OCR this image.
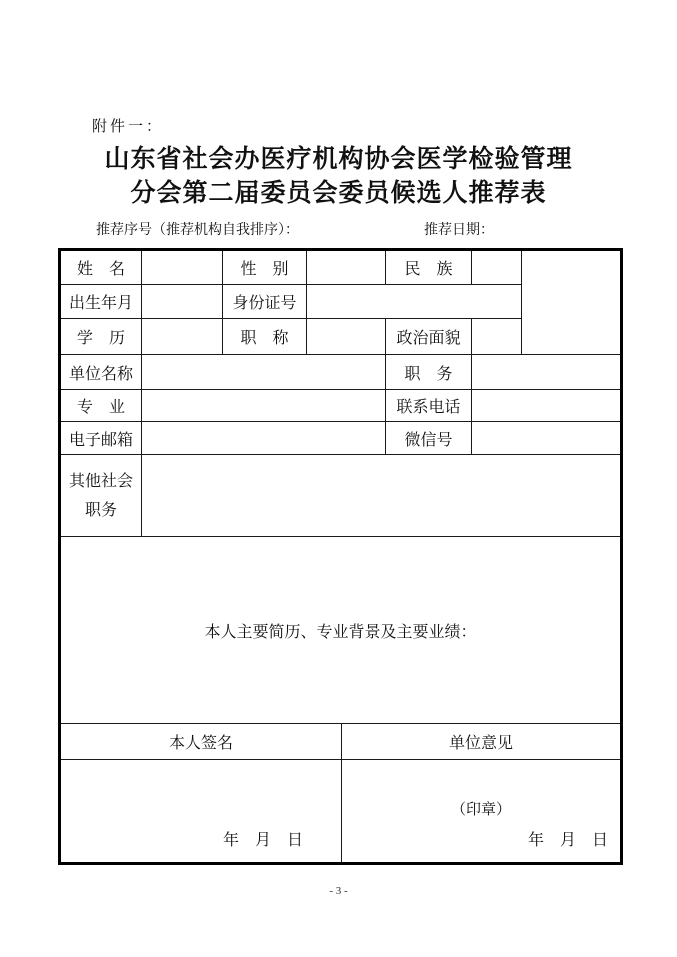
附件一：
山东省社会办医疗机构协会医学检验管理
分会第二届委员会委员候选人推荐表
推荐序号（推荐机构自我排序）：	推荐日期：
姓　名		性　别			民　族		
出生年月		身份证号					
学　历		职　称			政治面貌		
单位名称					职　务		
专　业					联系电话		
电子邮箱					微信号		

其他社会
职务							

本人主要简历、专业背景及主要业绩：							

本人签名				单位意见			

年　月　日				（印章）
年　月　日			
- 3 -
